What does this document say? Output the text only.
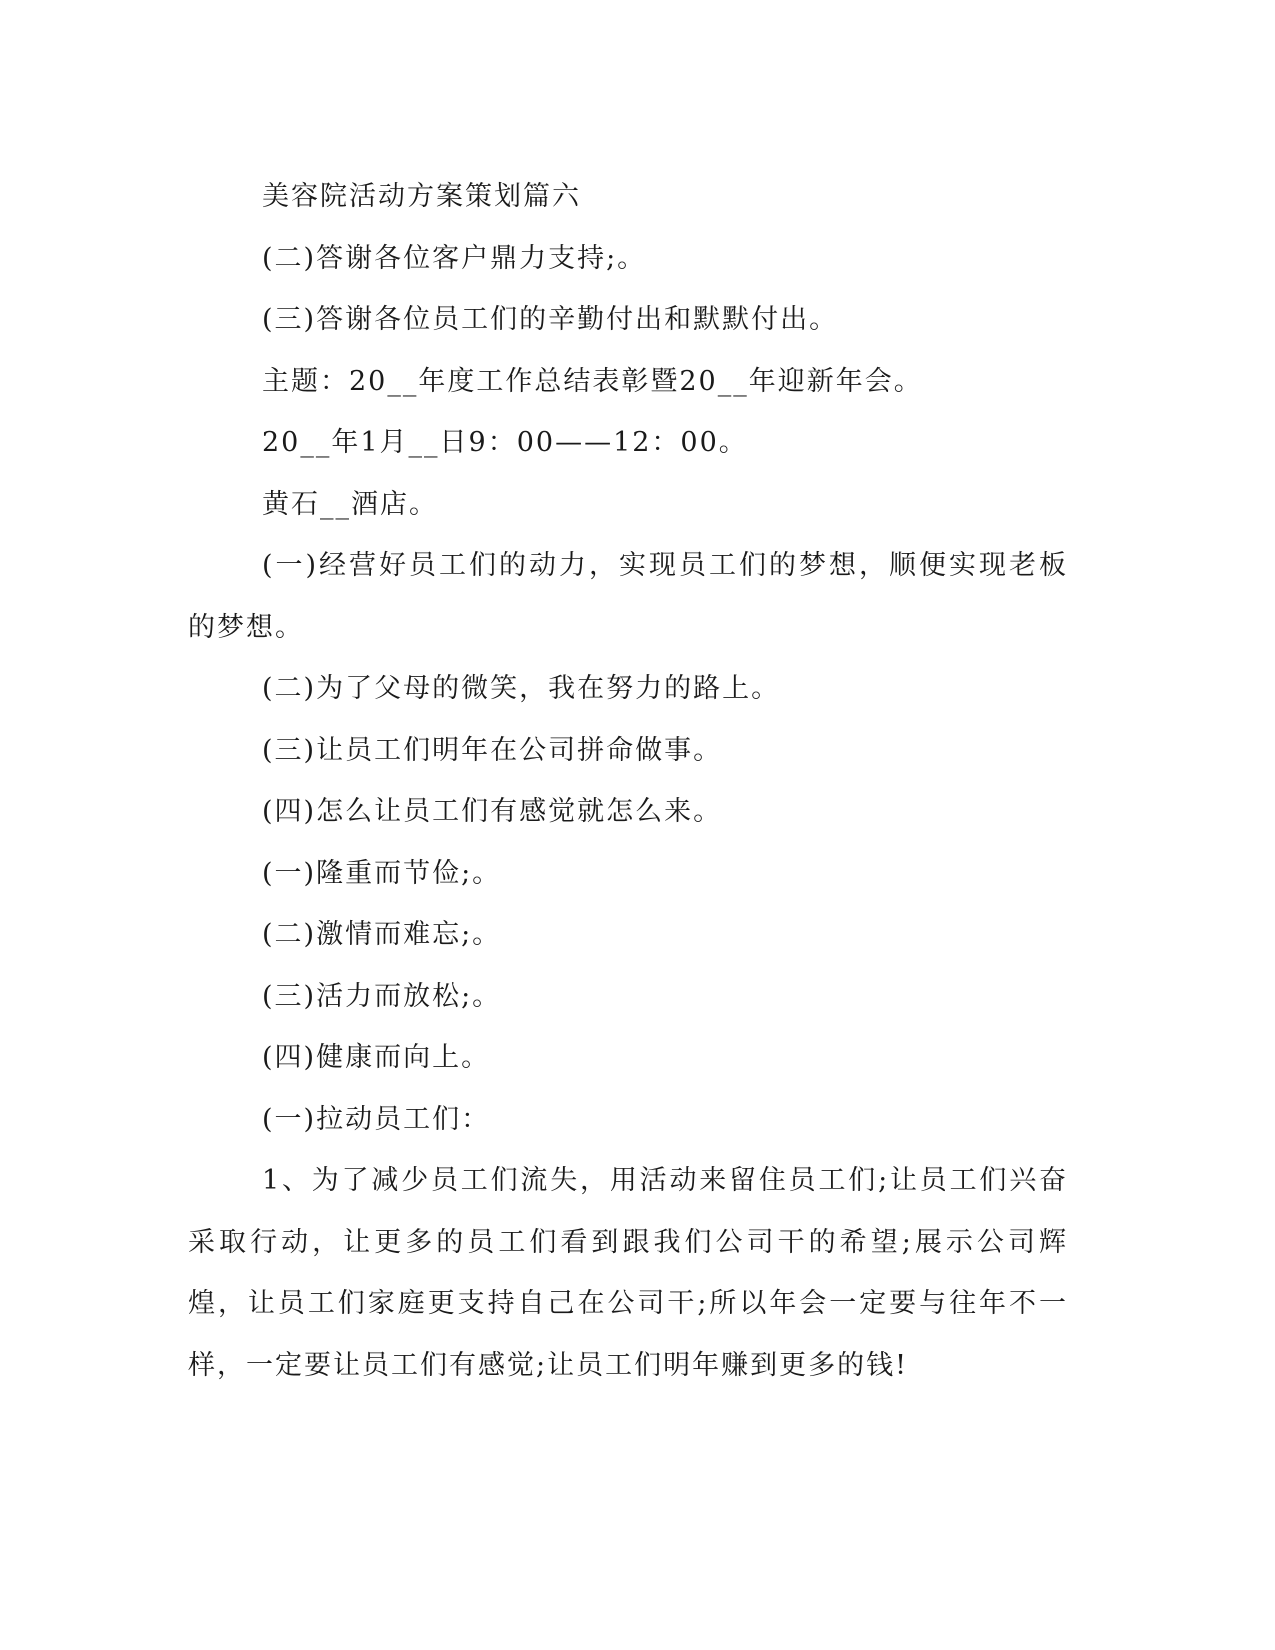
美容院活动方案策划篇六

(二)答谢各位客户鼎力支持;。

(三)答谢各位员工们的辛勤付出和默默付出。

主题：20__年度工作总结表彰暨20__年迎新年会。

20__年1月__日9：00——12：00。

黄石__酒店。

(一)经营好员工们的动力，实现员工们的梦想，顺便实现老板的梦想。

(二)为了父母的微笑，我在努力的路上。

(三)让员工们明年在公司拼命做事。

(四)怎么让员工们有感觉就怎么来。

(一)隆重而节俭;。

(二)激情而难忘;。

(三)活力而放松;。

(四)健康而向上。

(一)拉动员工们：

1、为了减少员工们流失，用活动来留住员工们;让员工们兴奋采取行动，让更多的员工们看到跟我们公司干的希望;展示公司辉煌，让员工们家庭更支持自己在公司干;所以年会一定要与往年不一样，一定要让员工们有感觉;让员工们明年赚到更多的钱!
